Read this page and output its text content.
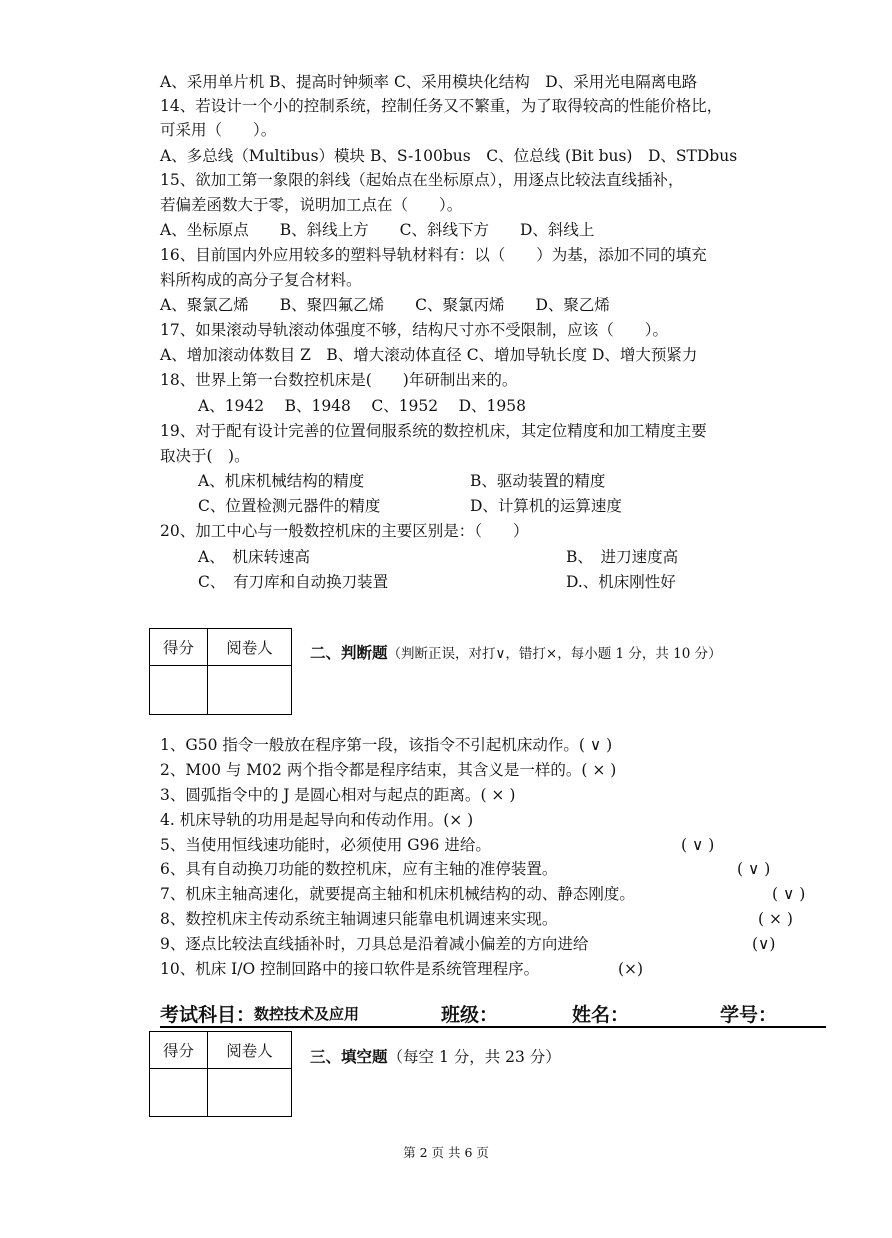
A、采用单片机 B、提高时钟频率 C、采用模块化结构　D、采用光电隔离电路
14、若设计一个小的控制系统，控制任务又不繁重，为了取得较高的性能价格比，
可采用（　　）。
A、多总线（Multibus）模块 B、S-100bus　C、位总线 (Bit bus)　D、STDbus
15、欲加工第一象限的斜线（起始点在坐标原点），用逐点比较法直线插补，
若偏差函数大于零，说明加工点在（　　）。
A、坐标原点　　B、斜线上方　　C、斜线下方　　D、斜线上
16、目前国内外应用较多的塑料导轨材料有：以（　　）为基，添加不同的填充
料所构成的高分子复合材料。
A、聚氯乙烯　　B、聚四氟乙烯　　C、聚氯丙烯　　D、聚乙烯
17、如果滚动导轨滚动体强度不够，结构尺寸亦不受限制，应该（　　）。
A、增加滚动体数目 Z　B、增大滚动体直径 C、增加导轨长度 D、增大预紧力
18、世界上第一台数控机床是(　　)年研制出来的。
A、1942　 B、1948　 C、1952　 D、1958
19、对于配有设计完善的位置伺服系统的数控机床，其定位精度和加工精度主要
取决于(　)。
A、机床机械结构的精度	B、驱动装置的精度
C、位置检测元器件的精度	D、计算机的运算速度
20、加工中心与一般数控机床的主要区别是：（　　）
A、　机床转速高	B、　进刀速度高
C、　有刀库和自动换刀装置	D.、机床刚性好
得分	阅卷人
	二、判断题（判断正误，对打∨，错打×，每小题 1 分，共 10 分）
1、G50 指令一般放在程序第一段，该指令不引起机床动作。( ∨ )
2、M00 与 M02 两个指令都是程序结束，其含义是一样的。( × )
3、圆弧指令中的 J 是圆心相对与起点的距离。( × )
4. 机床导轨的功用是起导向和传动作用。(× )
5、当使用恒线速功能时，必须使用 G96 进给。	( ∨ )
6、具有自动换刀功能的数控机床，应有主轴的准停装置。	( ∨ )
7、机床主轴高速化，就要提高主轴和机床机械结构的动、静态刚度。	( ∨ )
8、数控机床主传动系统主轴调速只能靠电机调速来实现。	( × )
9、逐点比较法直线插补时，刀具总是沿着减小偏差的方向进给	(∨)
10、机床 I/O 控制回路中的接口软件是系统管理程序。	(×)
考试科目：
数控技术及应用	班级：	姓名：	学号：
得分	阅卷人
	三、填空题（每空 1 分，共 23 分）
第 2 页 共 6 页
